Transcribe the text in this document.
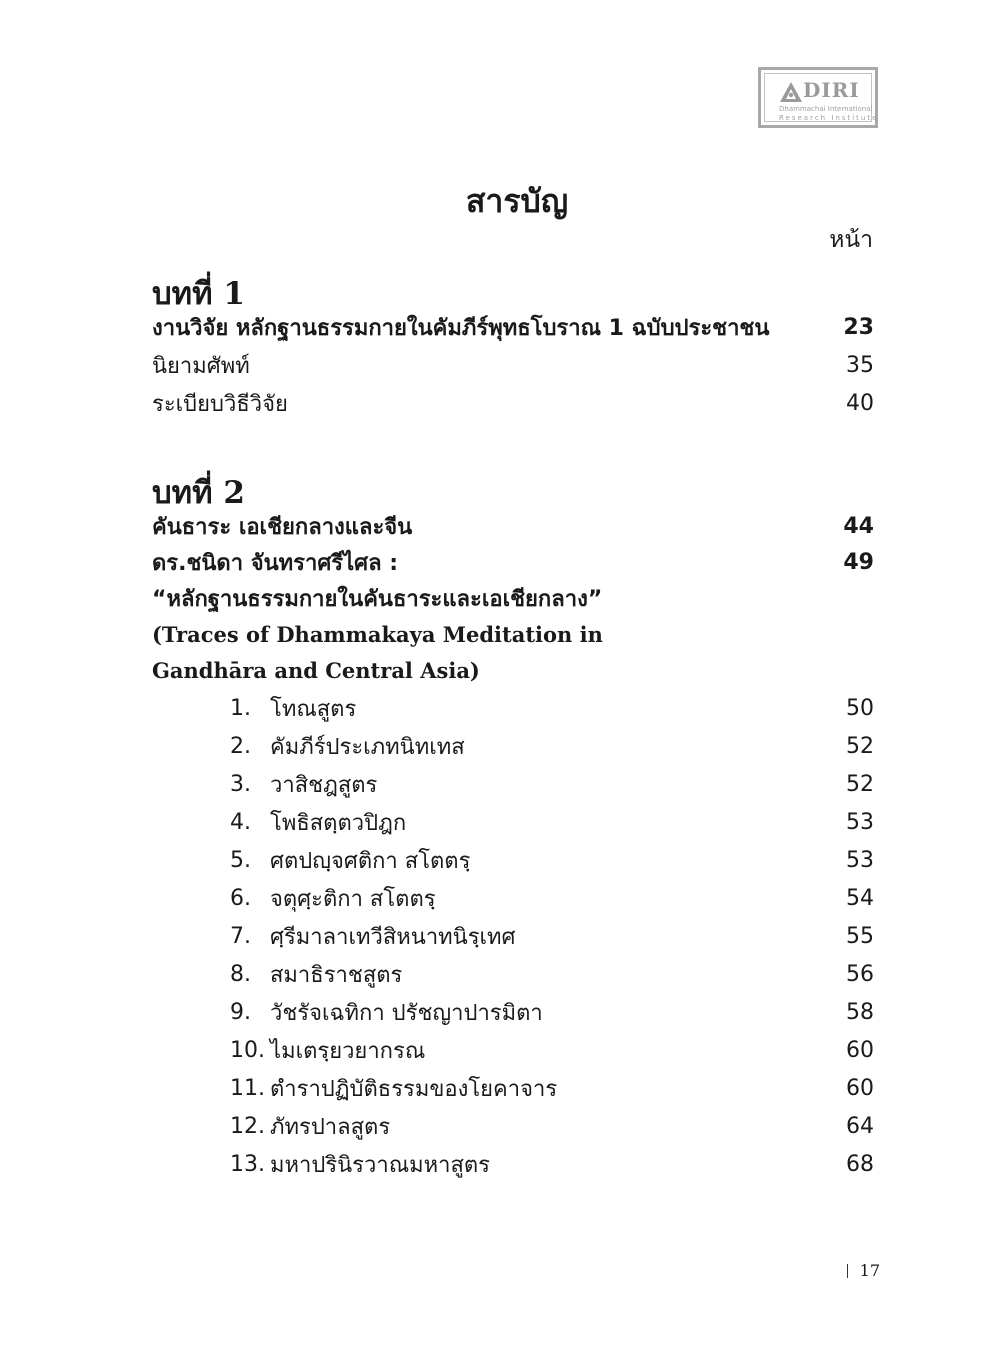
DIRI
Dhammachai International
Research Institute
สารบัญ
หน้า
บทที่ 1
งานวิจัย หลักฐานธรรมกายในคัมภีร์พุทธโบราณ 1 ฉบับประชาชน	23
นิยามศัพท์	35
ระเบียบวิธีวิจัย	40
บทที่ 2
คันธาระ เอเชียกลางและจีน	44
ดร.ชนิดา จันทราศรีไศล :	49
“หลักฐานธรรมกายในคันธาระและเอเชียกลาง”
(Traces of Dhammakaya Meditation in
Gandhāra and Central Asia)
1. โทณสูตร	50
2. คัมภีร์ประเภทนิทเทส	52
3. วาสิชฎสูตร	52
4. โพธิสตฺตวปิฎก	53
5. ศตปญฺจศติกา สโตตรฺ	53
6. จตุศฺะติกา สโตตรฺ	54
7. ศฺรีมาลาเทวีสิหนาทนิรฺเทศ	55
8. สมาธิราชสูตร	56
9. วัชรัจเฉทิกา ปรัชญาปารมิตา	58
10. ไมเตรฺยวยากรณ	60
11. ตำราปฏิบัติธรรมของโยคาจาร	60
12. ภัทรปาลสูตร	64
13. มหาปรินิรวาณมหาสูตร	68
17
